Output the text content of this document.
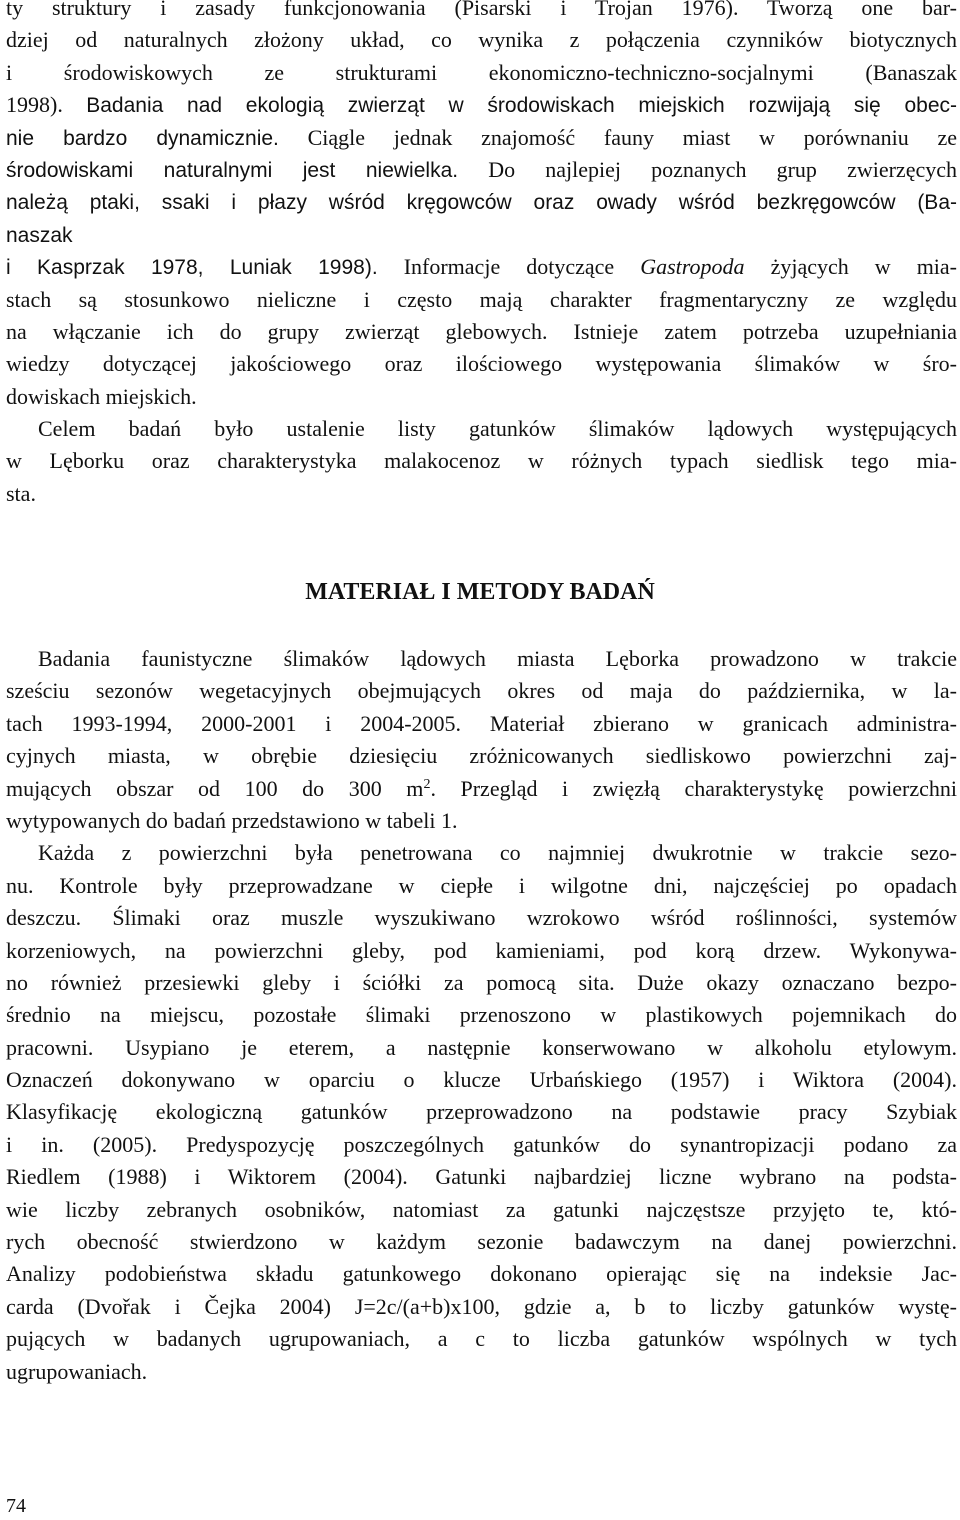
ty struktury i zasady funkcjonowania (Pisarski i Trojan 1976). Tworzą one bar-
dziej od naturalnych złożony układ, co wynika z połączenia czynników biotycznych
i środowiskowych ze strukturami ekonomiczno-techniczno-socjalnymi (Banaszak
1998). Badania nad ekologią zwierząt w środowiskach miejskich rozwijają się obec-
nie bardzo dynamicznie. Ciągle jednak znajomość fauny miast w porównaniu ze
środowiskami naturalnymi jest niewielka. Do najlepiej poznanych grup zwierzęcych
należą ptaki, ssaki i płazy wśród kręgowców oraz owady wśród bezkręgowców (Ba-
naszak
i Kasprzak 1978, Luniak 1998). Informacje dotyczące Gastropoda żyjących w mia-
stach są stosunkowo nieliczne i często mają charakter fragmentaryczny ze względu
na włączanie ich do grupy zwierząt glebowych. Istnieje zatem potrzeba uzupełniania
wiedzy dotyczącej jakościowego oraz ilościowego występowania ślimaków w śro-
dowiskach miejskich.
Celem badań było ustalenie listy gatunków ślimaków lądowych występujących
w Lęborku oraz charakterystyka malakocenoz w różnych typach siedlisk tego mia-
sta.
MATERIAŁ I METODY BADAŃ
Badania faunistyczne ślimaków lądowych miasta Lęborka prowadzono w trakcie
sześciu sezonów wegetacyjnych obejmujących okres od maja do października, w la-
tach 1993-1994, 2000-2001 i 2004-2005. Materiał zbierano w granicach administra-
cyjnych miasta, w obrębie dziesięciu zróżnicowanych siedliskowo powierzchni zaj-
mujących obszar od 100 do 300 $m^2$. Przegląd i zwięzłą charakterystykę powierzchni
wytypowanych do badań przedstawiono w tabeli 1.
Każda z powierzchni była penetrowana co najmniej dwukrotnie w trakcie sezo-
nu. Kontrole były przeprowadzane w ciepłe i wilgotne dni, najczęściej po opadach
deszczu. Ślimaki oraz muszle wyszukiwano wzrokowo wśród roślinności, systemów
korzeniowych, na powierzchni gleby, pod kamieniami, pod korą drzew. Wykonywa-
no również przesiewki gleby i ściółki za pomocą sita. Duże okazy oznaczano bezpo-
średnio na miejscu, pozostałe ślimaki przenoszono w plastikowych pojemnikach do
pracowni. Usypiano je eterem, a następnie konserwowano w alkoholu etylowym.
Oznaczeń dokonywano w oparciu o klucze Urbańskiego (1957) i Wiktora (2004).
Klasyfikację ekologiczną gatunków przeprowadzono na podstawie pracy Szybiak
i in. (2005). Predyspozycję poszczególnych gatunków do synantropizacji podano za
Riedlem (1988) i Wiktorem (2004). Gatunki najbardziej liczne wybrano na podsta-
wie liczby zebranych osobników, natomiast za gatunki najczęstsze przyjęto te, któ-
rych obecność stwierdzono w każdym sezonie badawczym na danej powierzchni.
Analizy podobieństwa składu gatunkowego dokonano opierając się na indeksie Jac-
carda (Dvořak i Čejka 2004) J=2c/(a+b)x100, gdzie a, b to liczby gatunków wystę-
pujących w badanych ugrupowaniach, a c to liczba gatunków wspólnych w tych
ugrupowaniach.
74
